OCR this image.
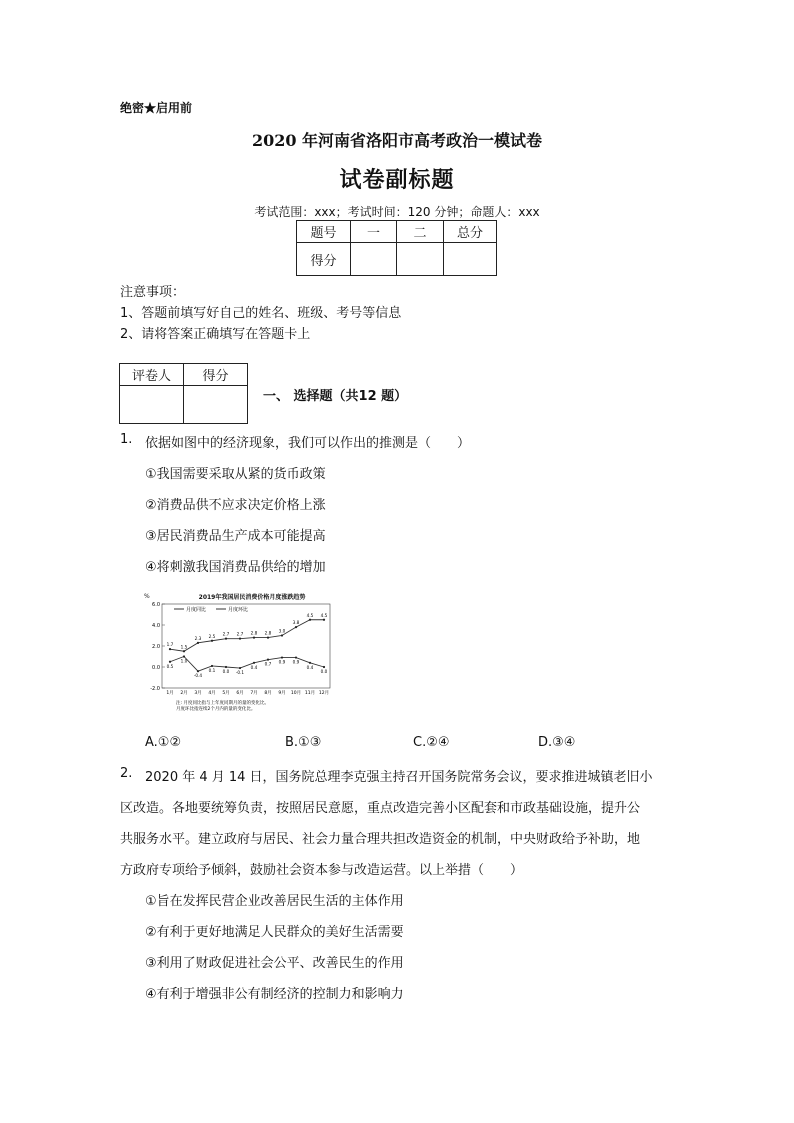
绝密★启用前
2020 年河南省洛阳市高考政治一模试卷
试卷副标题
考试范围：xxx；考试时间：120 分钟；命题人：xxx
题号	一	二	总分
得分			
注意事项：
1、答题前填写好自己的姓名、班级、考号等信息
2、请将答案正确填写在答题卡上
评卷人	得分

一、 选择题（共12 题）
1. 依据如图中的经济现象，我们可以作出的推测是（　　）
①我国需要采取从紧的货币政策
②消费品供不应求决定价格上涨
③居民消费品生产成本可能提高
④将刺激我国消费品供给的增加
%	2019年我国居民消费价格月度涨跌趋势
月度同比	月度环比
6.0
4.0
2.0
0.0
-2.0
1月 2月 3月 4月 5月 6月 7月 8月 9月 10月 11月 12月
1.7 1.5
2.3 2.5 2.7 2.7 2.8 2.8 3.0
3.8
4.5 4.5
0.5
1.0
-0.4
0.1 0.0 -0.1
0.4
0.7 0.9 0.9
0.4
0.0
注: 月度同比指与上年度同期月的量的变化比。
月度环比指连续2个月内的量的变化比。
A.①②	B.①③	C.②④	D.③④
2. 2020 年 4 月 14 日，国务院总理李克强主持召开国务院常务会议，要求推进城镇老旧小
区改造。各地要统筹负责，按照居民意愿，重点改造完善小区配套和市政基础设施，提升公
共服务水平。建立政府与居民、社会力量合理共担改造资金的机制，中央财政给予补助，地
方政府专项给予倾斜，鼓励社会资本参与改造运营。以上举措（　　）
①旨在发挥民营企业改善居民生活的主体作用
②有利于更好地满足人民群众的美好生活需要
③利用了财政促进社会公平、改善民生的作用
④有利于增强非公有制经济的控制力和影响力
